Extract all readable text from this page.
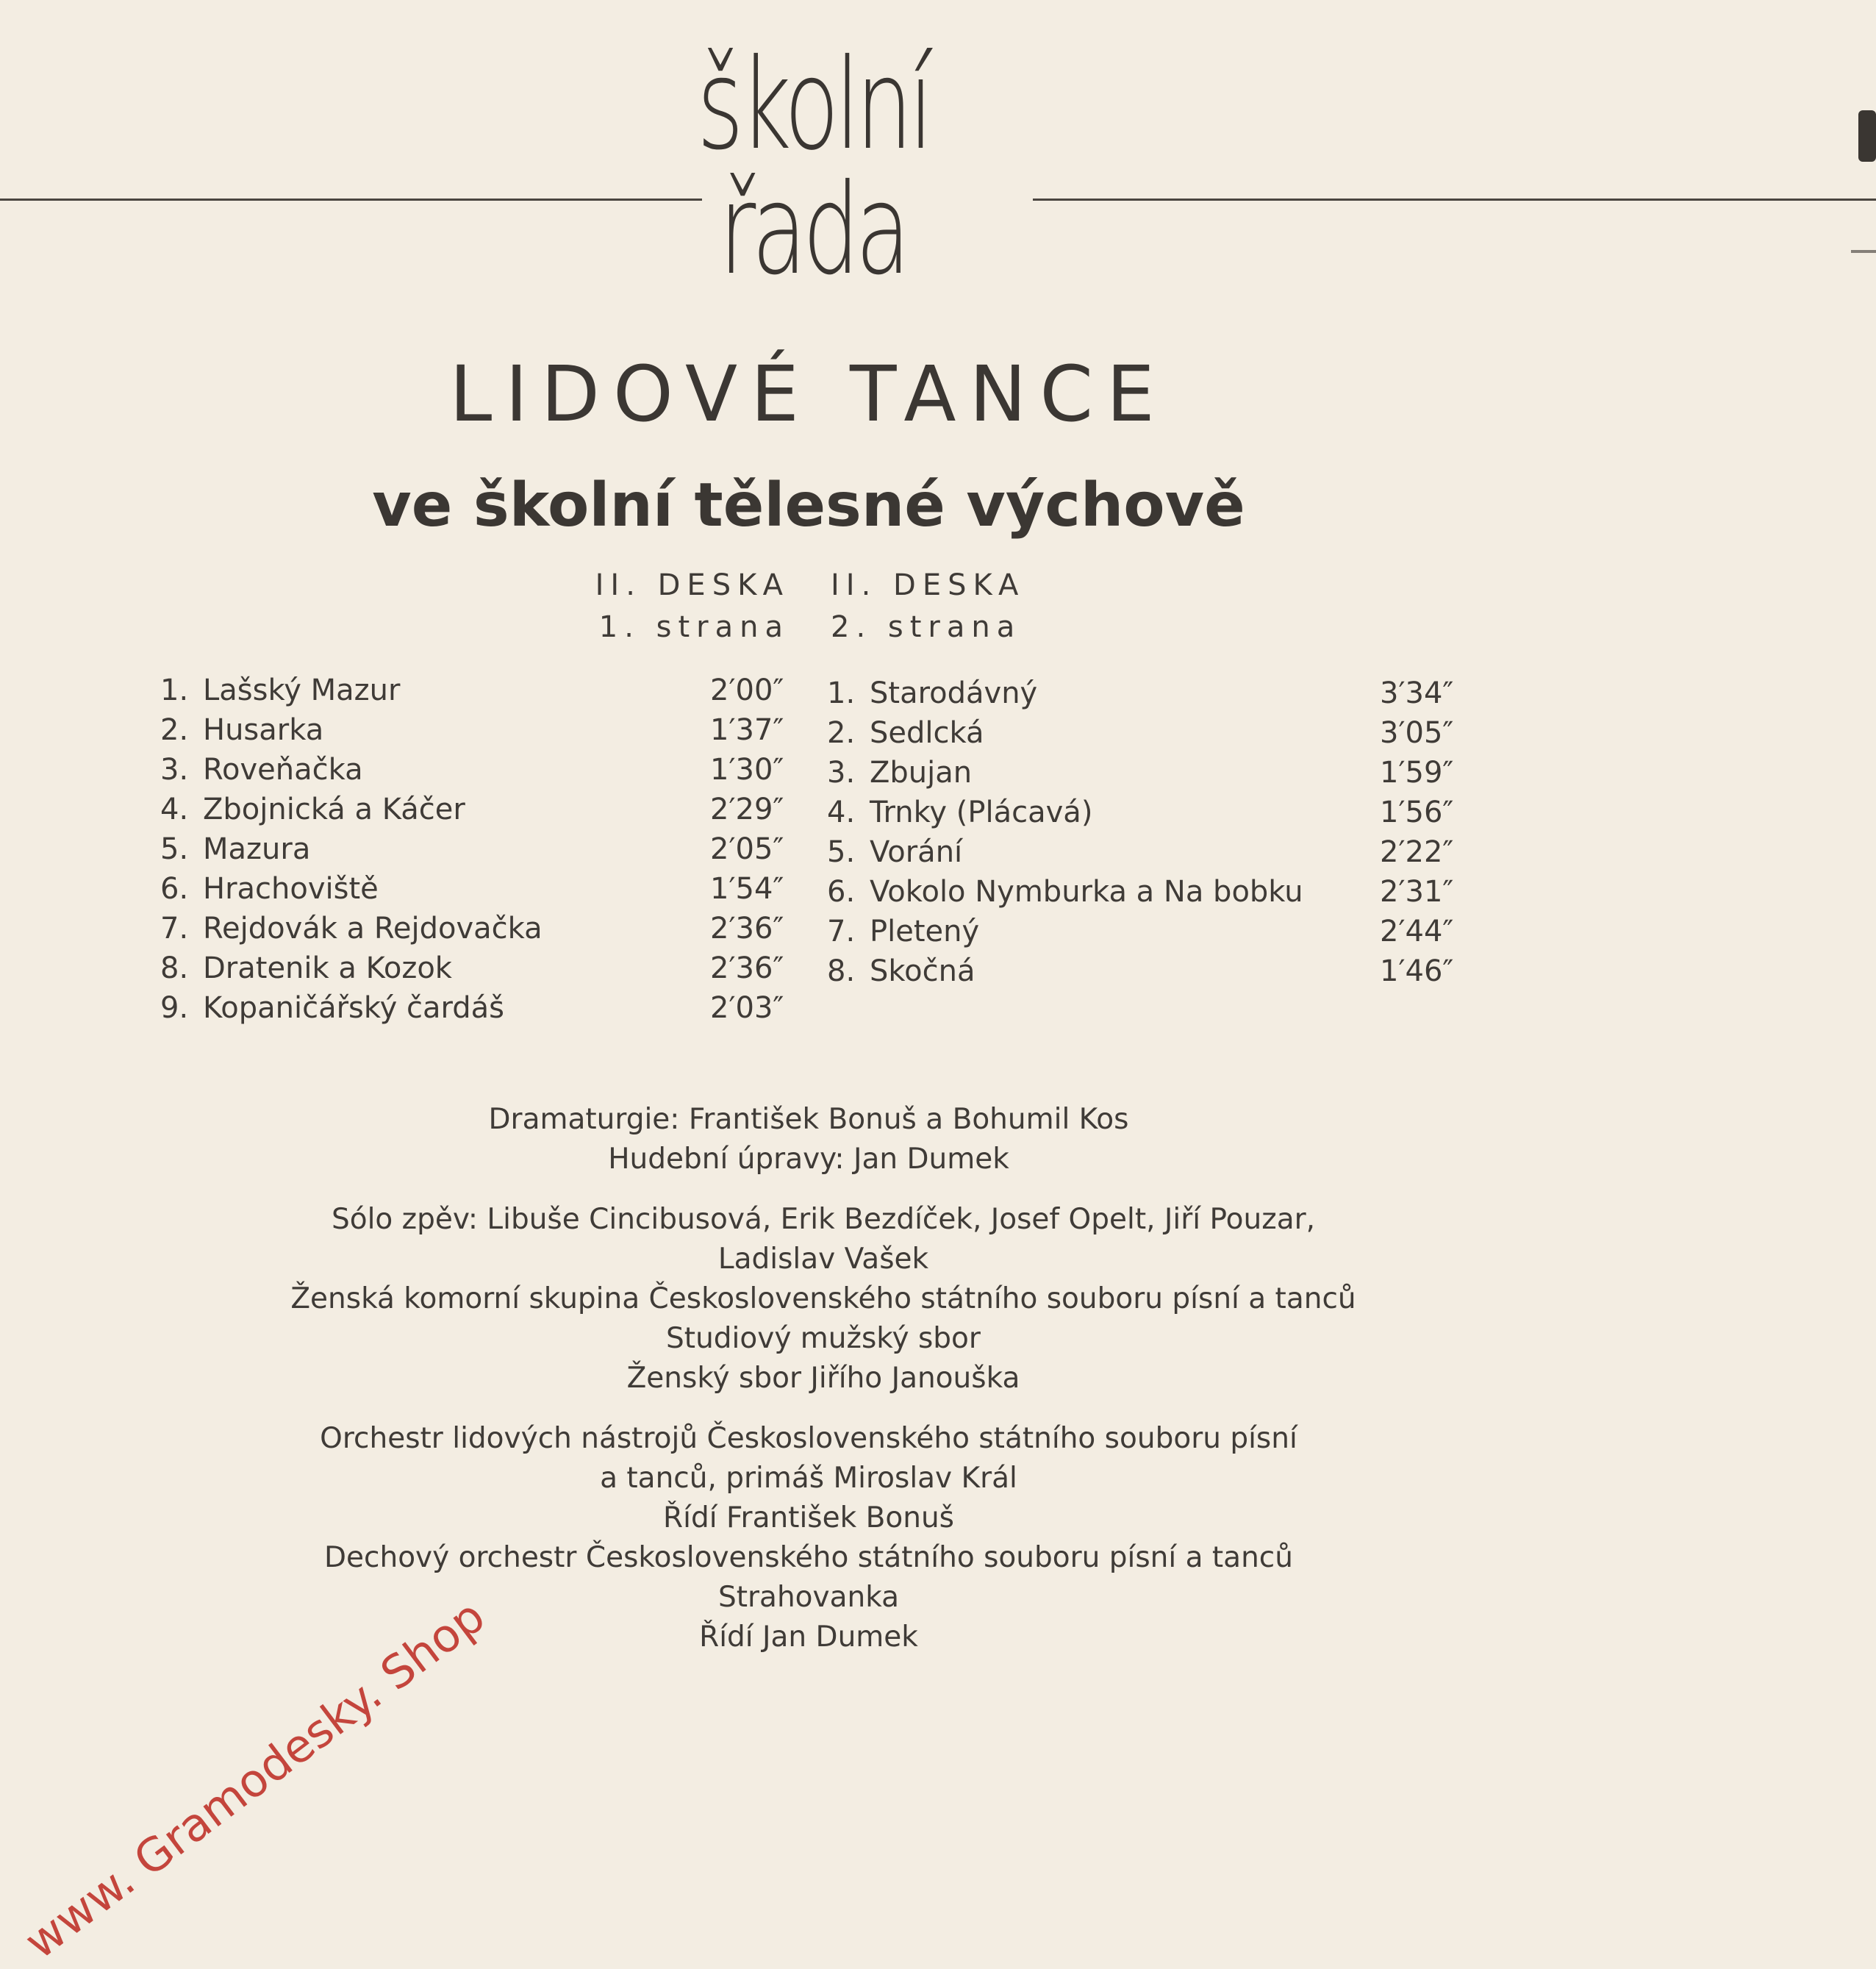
školní
řada
LIDOVÉ TANCE
ve školní tělesné výchově
II. DESKA
1. strana
II. DESKA
2. strana
1. Lašský Mazur	2′00″
2. Husarka	1′37″
3. Roveňačka	1′30″
4. Zbojnická a Káčer	2′29″
5. Mazura	2′05″
6. Hrachoviště	1′54″
7. Rejdovák a Rejdovačka	2′36″
8. Dratenik a Kozok	2′36″
9. Kopaničářský čardáš	2′03″
1. Starodávný	3′34″
2. Sedlcká	3′05″
3. Zbujan	1′59″
4. Trnky (Plácavá)	1′56″
5. Vorání	2′22″
6. Vokolo Nymburka a Na bobku	2′31″
7. Pletený	2′44″
8. Skočná	1′46″
Dramaturgie: František Bonuš a Bohumil Kos
Hudební úpravy: Jan Dumek
Sólo zpěv: Libuše Cincibusová, Erik Bezdíček, Josef Opelt, Jiří Pouzar,
Ladislav Vašek
Ženská komorní skupina Československého státního souboru písní a tanců
Studiový mužský sbor
Ženský sbor Jiřího Janouška
Orchestr lidových nástrojů Československého státního souboru písní
a tanců, primáš Miroslav Král
Řídí František Bonuš
Dechový orchestr Československého státního souboru písní a tanců
Strahovanka
Řídí Jan Dumek
www. Gramodesky. Shop
